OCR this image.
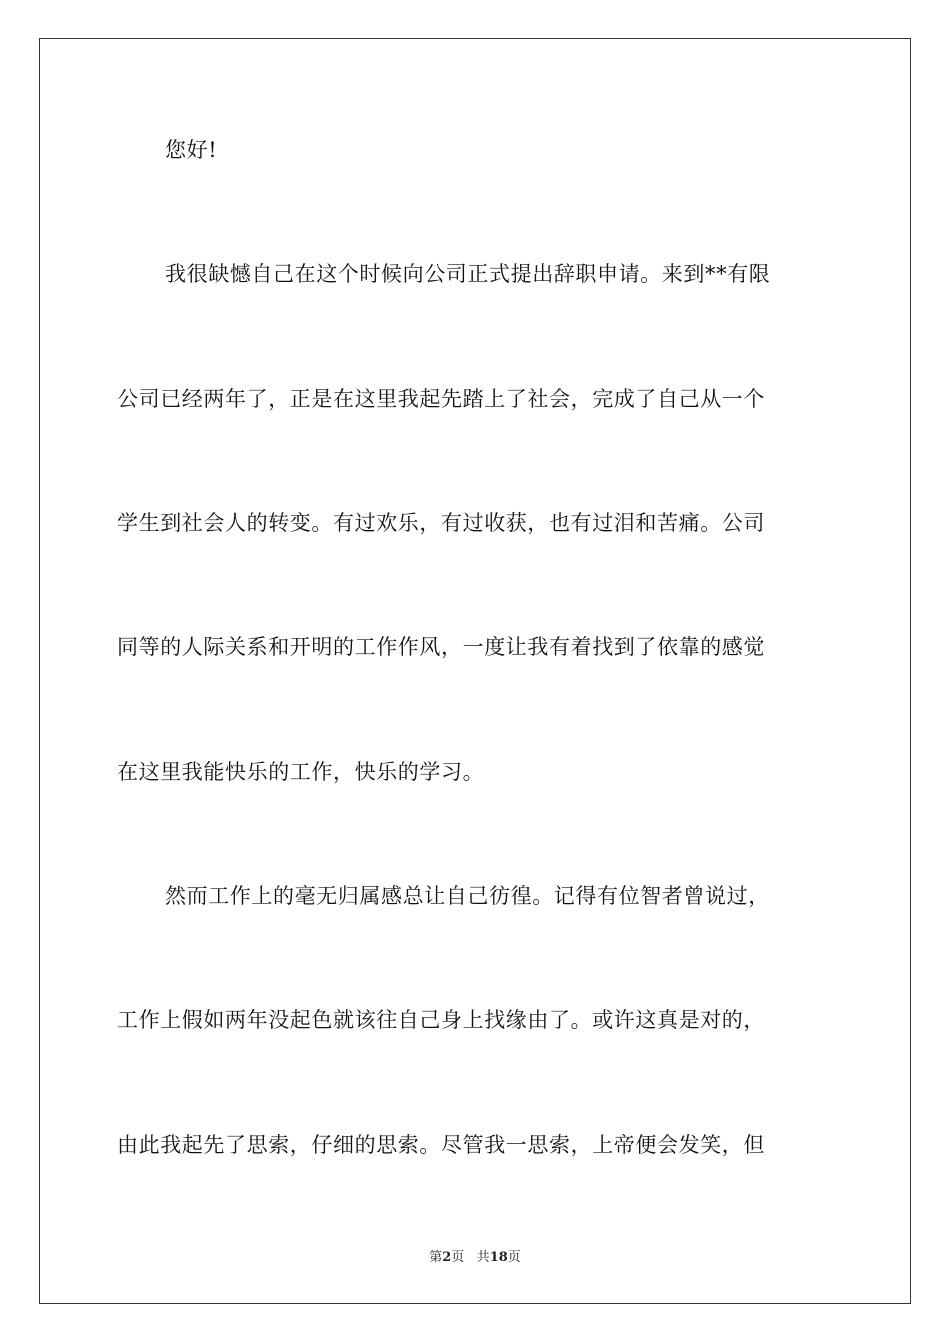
您好!
我很缺憾自己在这个时候向公司正式提出辞职申请。来到**有限
公司已经两年了，正是在这里我起先踏上了社会，完成了自己从一个
学生到社会人的转变。有过欢乐，有过收获，也有过泪和苦痛。公司
同等的人际关系和开明的工作作风，一度让我有着找到了依靠的感觉
在这里我能快乐的工作，快乐的学习。
然而工作上的毫无归属感总让自己彷徨。记得有位智者曾说过，
工作上假如两年没起色就该往自己身上找缘由了。或许这真是对的，
由此我起先了思索，仔细的思索。尽管我一思索，上帝便会发笑，但
第2页 共18页
